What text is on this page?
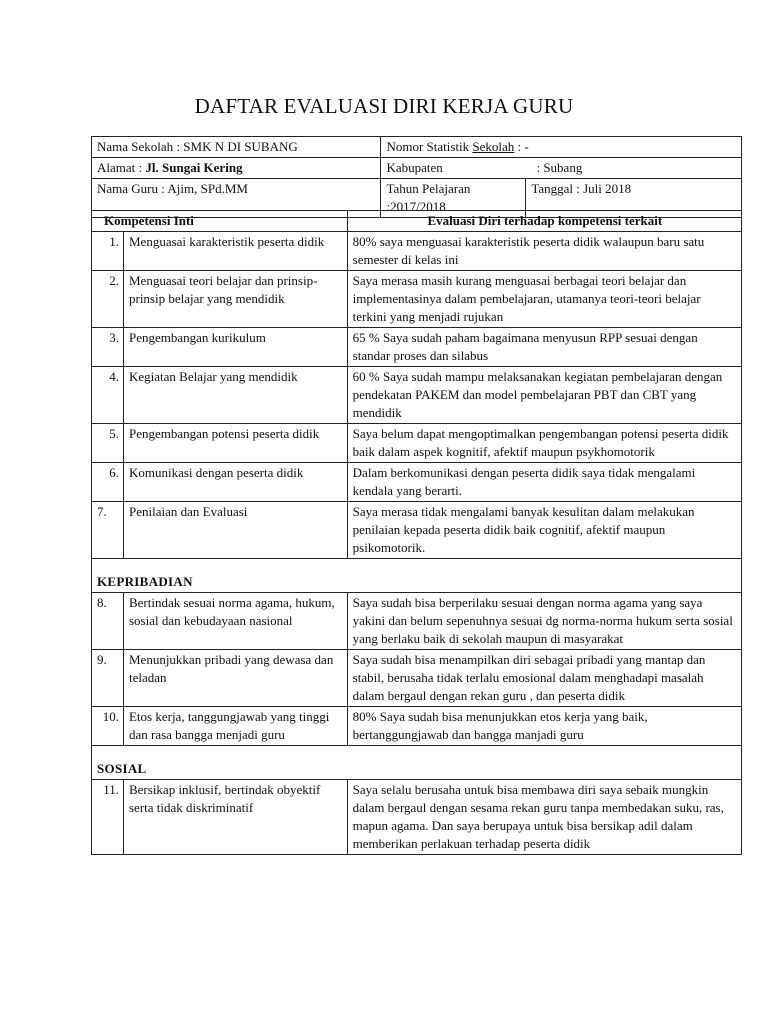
DAFTAR EVALUASI DIRI KERJA GURU
Nama Sekolah : SMK N DI SUBANG	Nomor Statistik Sekolah : -	
Alamat : Jl. Sungai Kering	Kabupaten : Subang	
Nama Guru : Ajim, SPd.MM	Tahun Pelajaran :2017/2018	Tanggal : Juli 2018
Kompetensi Inti		Evaluasi Diri terhadap kompetensi terkait
1.	Menguasai karakteristik peserta didik	80% saya menguasai karakteristik peserta didik walaupun baru satu semester di kelas ini
2.	Menguasai teori belajar dan prinsip-prinsip belajar yang mendidik	Saya merasa masih kurang menguasai berbagai teori belajar dan implementasinya dalam pembelajaran, utamanya teori-teori belajar terkini yang menjadi rujukan
3.	Pengembangan kurikulum	65 % Saya sudah paham bagaimana menyusun RPP sesuai dengan standar proses dan silabus
4.	Kegiatan Belajar yang mendidik	60 % Saya sudah mampu melaksanakan kegiatan pembelajaran dengan pendekatan PAKEM dan model pembelajaran PBT dan CBT yang mendidik
5.	Pengembangan potensi peserta didik	Saya belum dapat mengoptimalkan pengembangan potensi peserta didik baik dalam aspek kognitif, afektif maupun psykhomotorik
6.	Komunikasi dengan peserta didik	Dalam berkomunikasi dengan peserta didik saya tidak mengalami kendala yang berarti.
7.	Penilaian dan Evaluasi	Saya merasa tidak mengalami banyak kesulitan dalam melakukan penilaian kepada peserta didik baik cognitif, afektif maupun psikomotorik.
KEPRIBADIAN		
8.	Bertindak sesuai norma agama, hukum, sosial dan kebudayaan nasional	Saya sudah bisa berperilaku sesuai dengan norma agama yang saya yakini dan belum sepenuhnya sesuai dg norma-norma hukum serta sosial yang berlaku baik di sekolah maupun di masyarakat
9.	Menunjukkan pribadi yang dewasa dan teladan	Saya sudah bisa menampilkan diri sebagai pribadi yang mantap dan stabil, berusaha tidak terlalu emosional dalam menghadapi masalah dalam bergaul dengan rekan guru , dan peserta didik
10.	Etos kerja, tanggungjawab yang tinggi dan rasa bangga menjadi guru	80% Saya sudah bisa menunjukkan etos kerja yang baik, bertanggungjawab dan bangga manjadi guru
SOSIAL		
11.	Bersikap inklusif, bertindak obyektif serta tidak diskriminatif	Saya selalu berusaha untuk bisa membawa diri saya sebaik mungkin dalam bergaul dengan sesama rekan guru tanpa membedakan suku, ras, mapun agama. Dan saya berupaya untuk bisa bersikap adil dalam memberikan perlakuan terhadap peserta didik
